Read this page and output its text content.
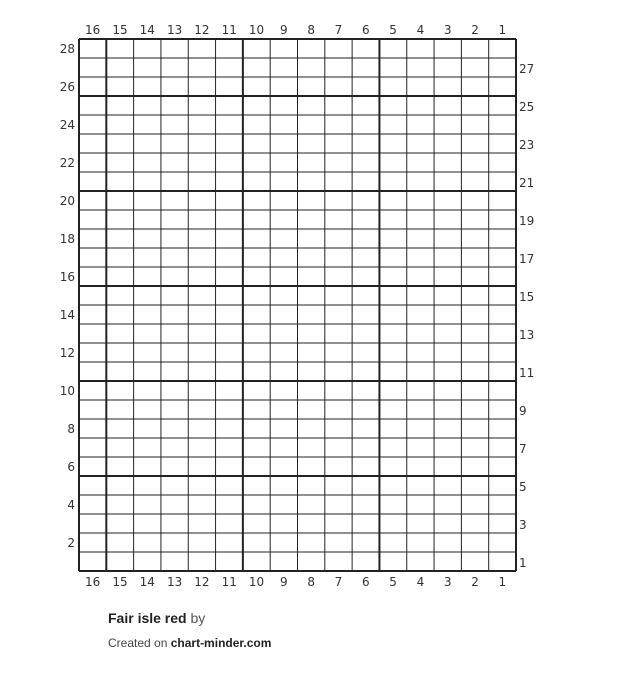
16 15 14 13 12 11 10 9 8 7 6 5 4 3 2 1
16 15 14 13 12 11 10 9 8 7 6 5 4 3 2 1
2
4
6
8
10
12
14
16
18
20
22
24
26
28
1
3
5
7
9
11
13
15
17
19
21
23
25
27
Fair isle red by
Created on chart-minder.com
